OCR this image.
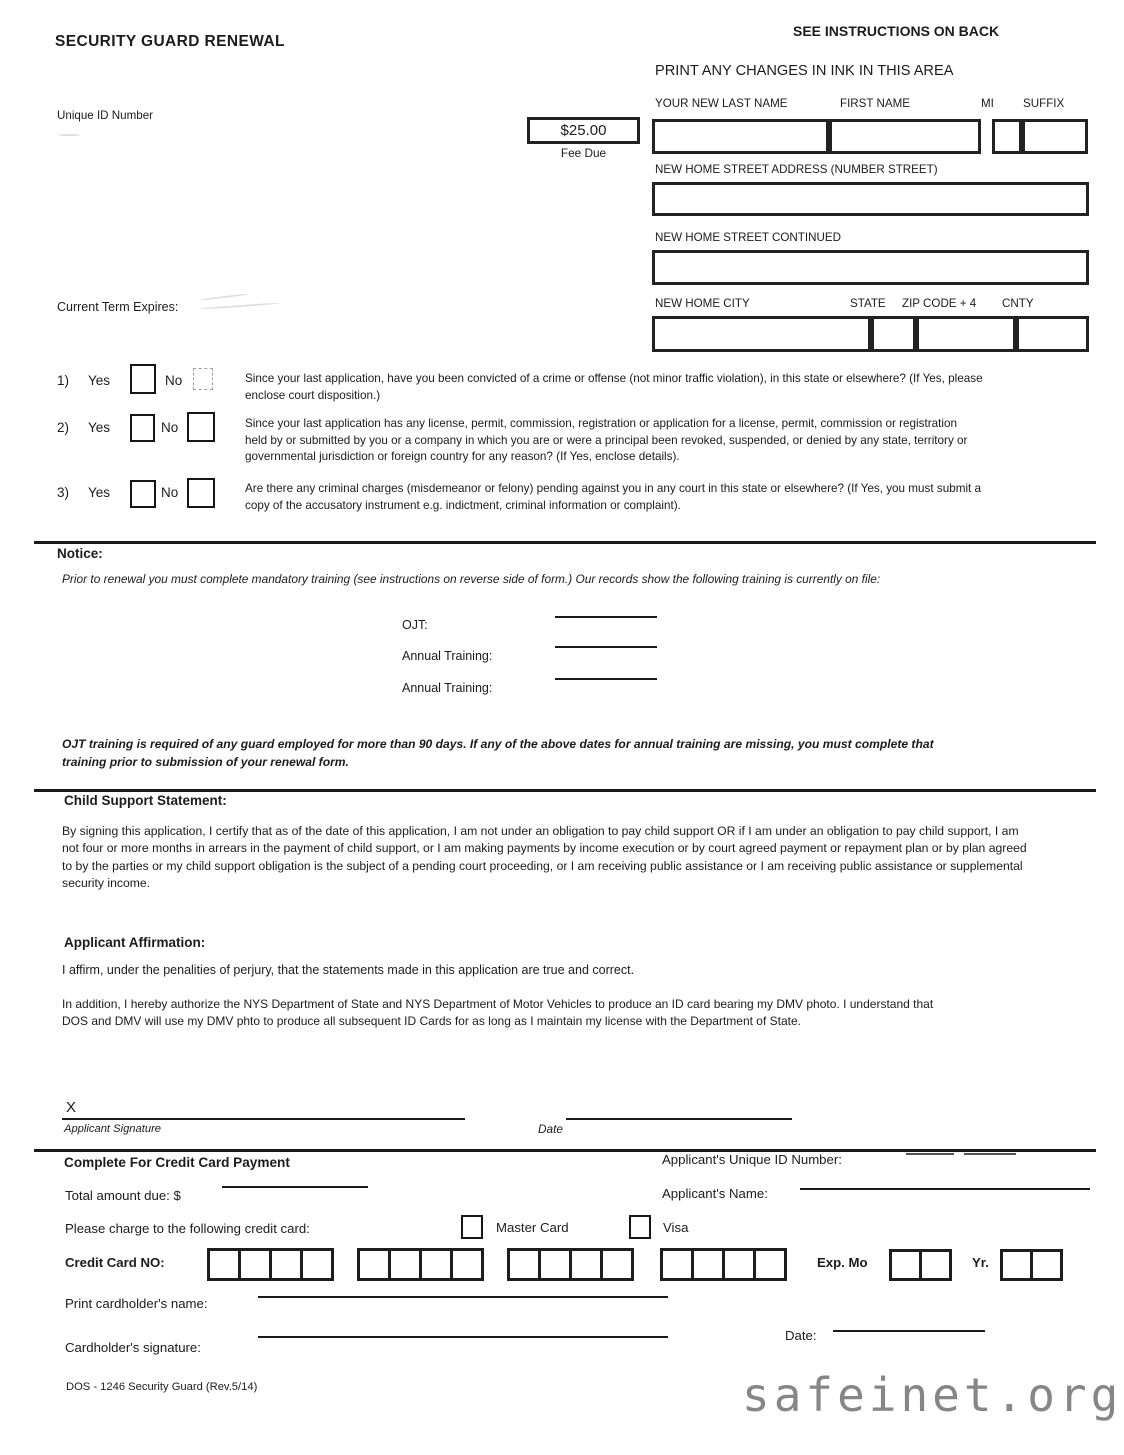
SECURITY GUARD RENEWAL
SEE INSTRUCTIONS ON BACK
PRINT ANY CHANGES IN INK IN THIS AREA
Unique ID Number
$25.00
Fee Due
YOUR NEW LAST NAME	FIRST NAME	MI	SUFFIX
NEW HOME STREET ADDRESS (NUMBER STREET)
NEW HOME STREET CONTINUED
NEW HOME CITY	STATE ZIP CODE + 4 CNTY
Current Term Expires:
1) Yes	No	Since your last application, have you been convicted of a crime or offense (not minor traffic violation), in this state or elsewhere? (If Yes, please enclose court disposition.)
2) Yes	No	Since your last application has any license, permit, commission, registration or application for a license, permit, commission or registration held by or submitted by you or a company in which you are or were a principal been revoked, suspended, or denied by any state, territory or governmental jurisdiction or foreign country for any reason? (If Yes, enclose details).
3) Yes	No	Are there any criminal charges (misdemeanor or felony) pending against you in any court in this state or elsewhere? (If Yes, you must submit a copy of the accusatory instrument e.g. indictment, criminal information or complaint).
Notice:
Prior to renewal you must complete mandatory training (see instructions on reverse side of form.) Our records show the following training is currently on file:
OJT:
Annual Training:
Annual Training:
OJT training is required of any guard employed for more than 90 days. If any of the above dates for annual training are missing, you must complete that training prior to submission of your renewal form.
Child Support Statement:
By signing this application, I certify that as of the date of this application, I am not under an obligation to pay child support OR if I am under an obligation to pay child support, I am not four or more months in arrears in the payment of child support, or I am making payments by income execution or by court agreed payment or repayment plan or by plan agreed to by the parties or my child support obligation is the subject of a pending court proceeding, or I am receiving public assistance or I am receiving public assistance or supplemental security income.
Applicant Affirmation:
I affirm, under the penalities of perjury, that the statements made in this application are true and correct.
In addition, I hereby authorize the NYS Department of State and NYS Department of Motor Vehicles to produce an ID card bearing my DMV photo. I understand that DOS and DMV will use my DMV phto to produce all subsequent ID Cards for as long as I maintain my license with the Department of State.
X
Applicant Signature	Date
Complete For Credit Card Payment	Applicant's Unique ID Number:
Total amount due: $	Applicant's Name:
Please charge to the following credit card:	Master Card	Visa
Credit Card NO:	Exp. Mo	Yr.
Print cardholder's name:
Cardholder's signature:
Date:
DOS - 1246 Security Guard (Rev.5/14)	safeinet.org
